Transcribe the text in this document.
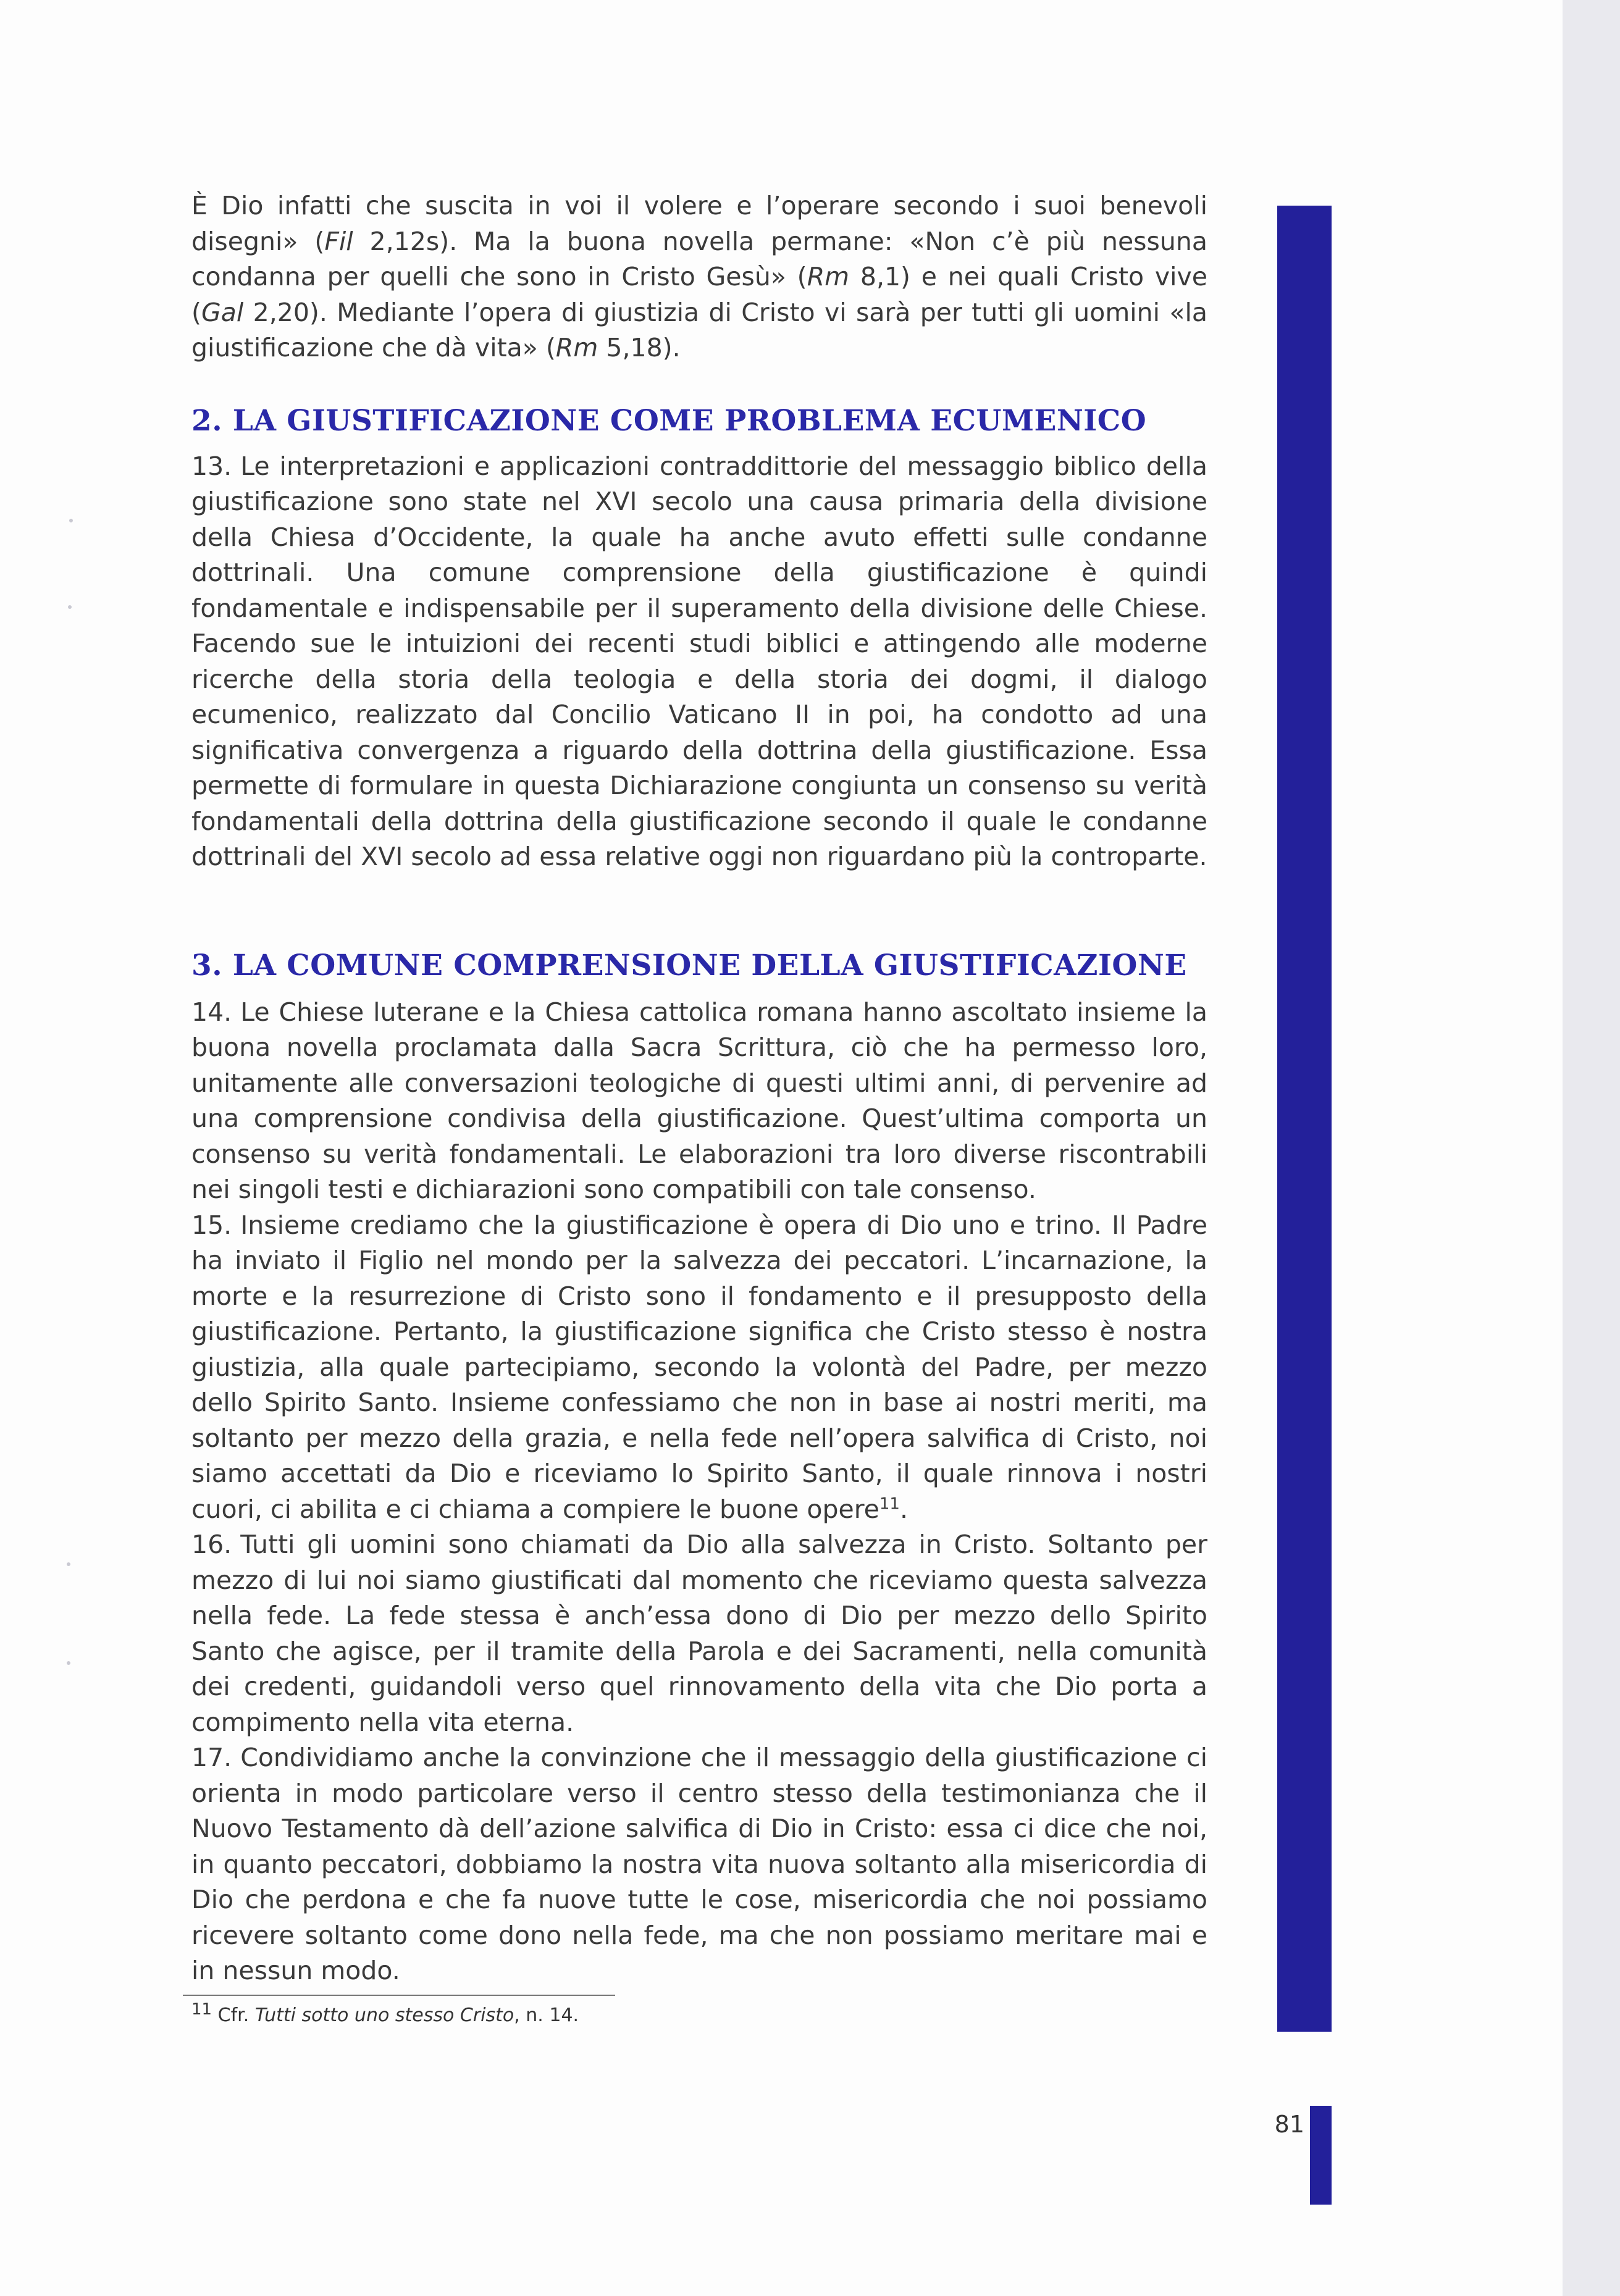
81

È Dio infatti che suscita in voi il volere e l’operare secondo i suoi benevoli disegni» (Fil 2,12s). Ma la buona novella permane: «Non c’è più nessuna condanna per quelli che sono in Cristo Gesù» (Rm 8,1) e nei quali Cristo vive (Gal 2,20). Mediante l’opera di giustizia di Cristo vi sarà per tutti gli uomini «la giustificazione che dà vita» (Rm 5,18).

2. LA GIUSTIFICAZIONE COME PROBLEMA ECUMENICO

13. Le interpretazioni e applicazioni contraddittorie del messaggio biblico della giustificazione sono state nel XVI secolo una causa primaria della divisione della Chiesa d’Occidente, la quale ha anche avuto effetti sulle condanne dottrinali. Una comune comprensione della giustificazione è quindi fondamentale e indispensabile per il superamento della divisione delle Chiese. Facendo sue le intuizioni dei recenti studi biblici e attingendo alle moderne ricerche della storia della teologia e della storia dei dogmi, il dialogo ecumenico, realizzato dal Concilio Vaticano II in poi, ha condotto ad una significativa convergenza a riguardo della dottrina della giustificazione. Essa permette di formulare in questa Dichiarazione congiunta un consenso su verità fondamentali della dottrina della giustificazione secondo il quale le condanne dottrinali del XVI secolo ad essa relative oggi non riguardano più la controparte.

3. LA COMUNE COMPRENSIONE DELLA GIUSTIFICAZIONE

14. Le Chiese luterane e la Chiesa cattolica romana hanno ascoltato insieme la buona novella proclamata dalla Sacra Scrittura, ciò che ha permesso loro, unitamente alle conversazioni teologiche di questi ultimi anni, di pervenire ad una comprensione condivisa della giustificazione. Quest’ultima comporta un consenso su verità fondamentali. Le elaborazioni tra loro diverse riscontrabili nei singoli testi e dichiarazioni sono compatibili con tale consenso.

15. Insieme crediamo che la giustificazione è opera di Dio uno e trino. Il Padre ha inviato il Figlio nel mondo per la salvezza dei peccatori. L’incarnazione, la morte e la resurrezione di Cristo sono il fondamento e il presupposto della giustificazione. Pertanto, la giustificazione significa che Cristo stesso è nostra giustizia, alla quale partecipiamo, secondo la volontà del Padre, per mezzo dello Spirito Santo. Insieme confessiamo che non in base ai nostri meriti, ma soltanto per mezzo della grazia, e nella fede nell’opera salvifica di Cristo, noi siamo accettati da Dio e riceviamo lo Spirito Santo, il quale rinnova i nostri cuori, ci abilita e ci chiama a compiere le buone opere$^{11}$.

16. Tutti gli uomini sono chiamati da Dio alla salvezza in Cristo. Soltanto per mezzo di lui noi siamo giustificati dal momento che riceviamo questa salvezza nella fede. La fede stessa è anch’essa dono di Dio per mezzo dello Spirito Santo che agisce, per il tramite della Parola e dei Sacramenti, nella comunità dei credenti, guidandoli verso quel rinnovamento della vita che Dio porta a compimento nella vita eterna.

17. Condividiamo anche la convinzione che il messaggio della giustificazione ci orienta in modo particolare verso il centro stesso della testimonianza che il Nuovo Testamento dà dell’azione salvifica di Dio in Cristo: essa ci dice che noi, in quanto peccatori, dobbiamo la nostra vita nuova soltanto alla misericordia di Dio che perdona e che fa nuove tutte le cose, misericordia che noi possiamo ricevere soltanto come dono nella fede, ma che non possiamo meritare mai e in nessun modo.

$^{11}$ Cfr. Tutti sotto uno stesso Cristo, n. 14.
